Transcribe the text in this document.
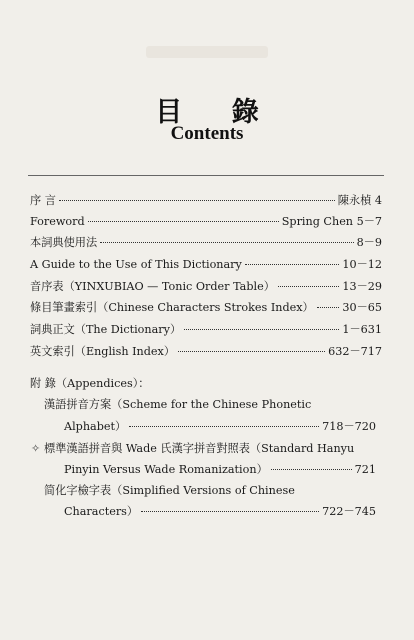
目 錄
Contents
序 言	陳永楨 4
Foreword	Spring Chen 5－7
本詞典使用法	8－9
A Guide to the Use of This Dictionary	10－12
音序表（YINXUBIAO — Tonic Order Table）	13－29
條目筆畫索引（Chinese Characters Strokes Index）	30－65
詞典正文（The Dictionary）	1－631
英文索引（English Index）	632－717
附 錄（Appendices）：
漢語拼音方案（Scheme for the Chinese Phonetic
Alphabet）	718－720
✧ 標準漢語拼音與 Wade 氏漢字拼音對照表（Standard Hanyu
Pinyin Versus Wade Romanization）	721
简化字檢字表（Simplified Versions of Chinese
Characters）	722－745
